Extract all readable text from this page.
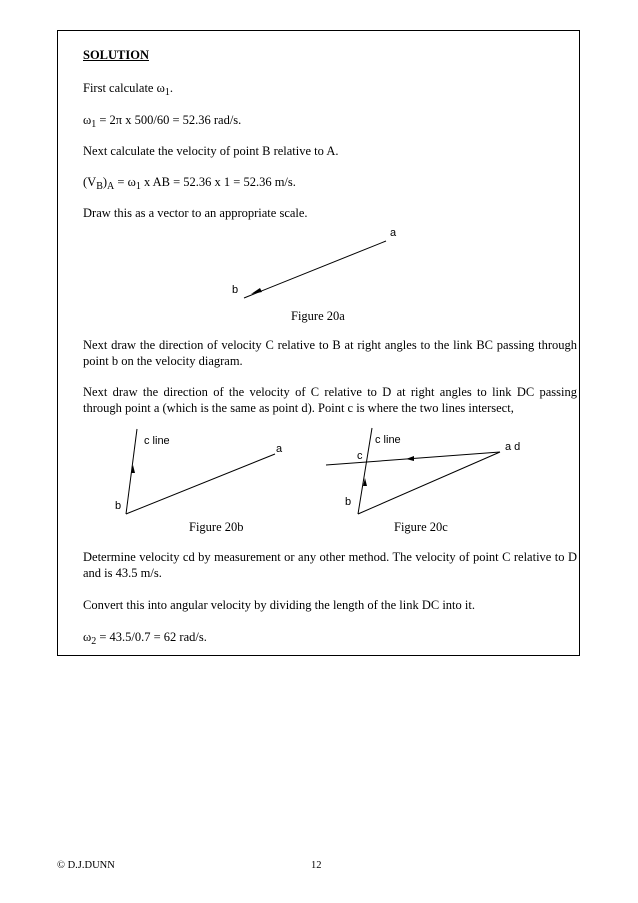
SOLUTION
First calculate $\omega_1$.
$\omega_1 = 2\pi$ x 500/60 = 52.36 rad/s.
Next calculate the velocity of point B relative to A.
$(V_B)_A = \omega_1$ x AB = 52.36 x 1 = 52.36 m/s.
Draw this as a vector to an appropriate scale.
a
b
Figure 20a
Next draw the direction of velocity C relative to B at right angles to the link BC passing through point b on the velocity diagram.
Next draw the direction of the velocity of C relative to D at right angles to link DC passing through point a (which is the same as point d). Point c is where the two lines intersect,
c line
a
b
Figure 20b
c line
c
a d
b
Figure 20c
Determine velocity cd by measurement or any other method. The velocity of point C relative to D and is 43.5 m/s.
Convert this into angular velocity by dividing the length of the link DC into it.
$\omega_2 = 43.5/0.7 = 62$ rad/s.
© D.J.DUNN	12
